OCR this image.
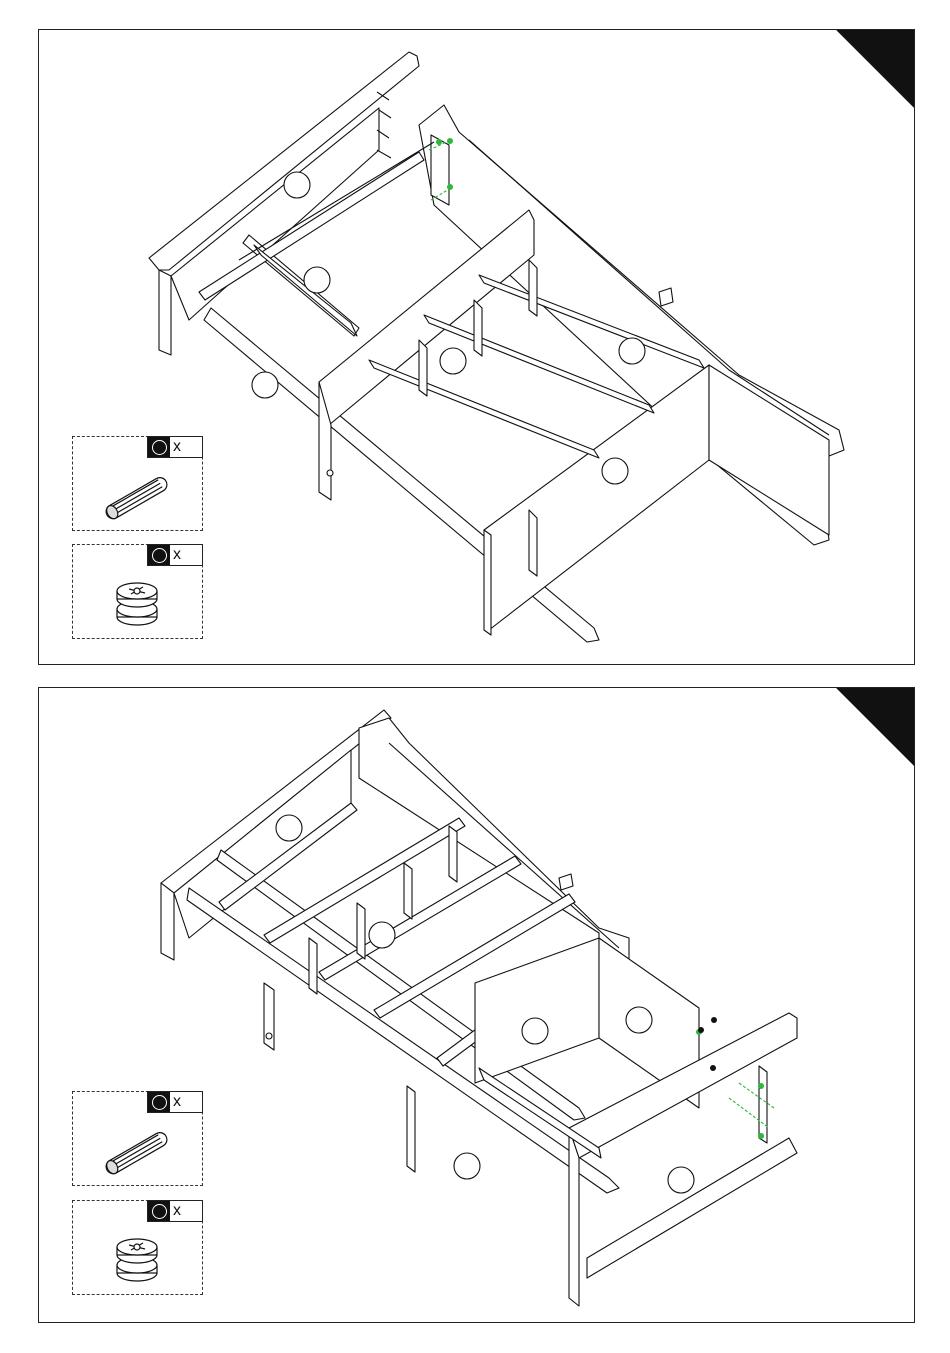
x
x
x
x
